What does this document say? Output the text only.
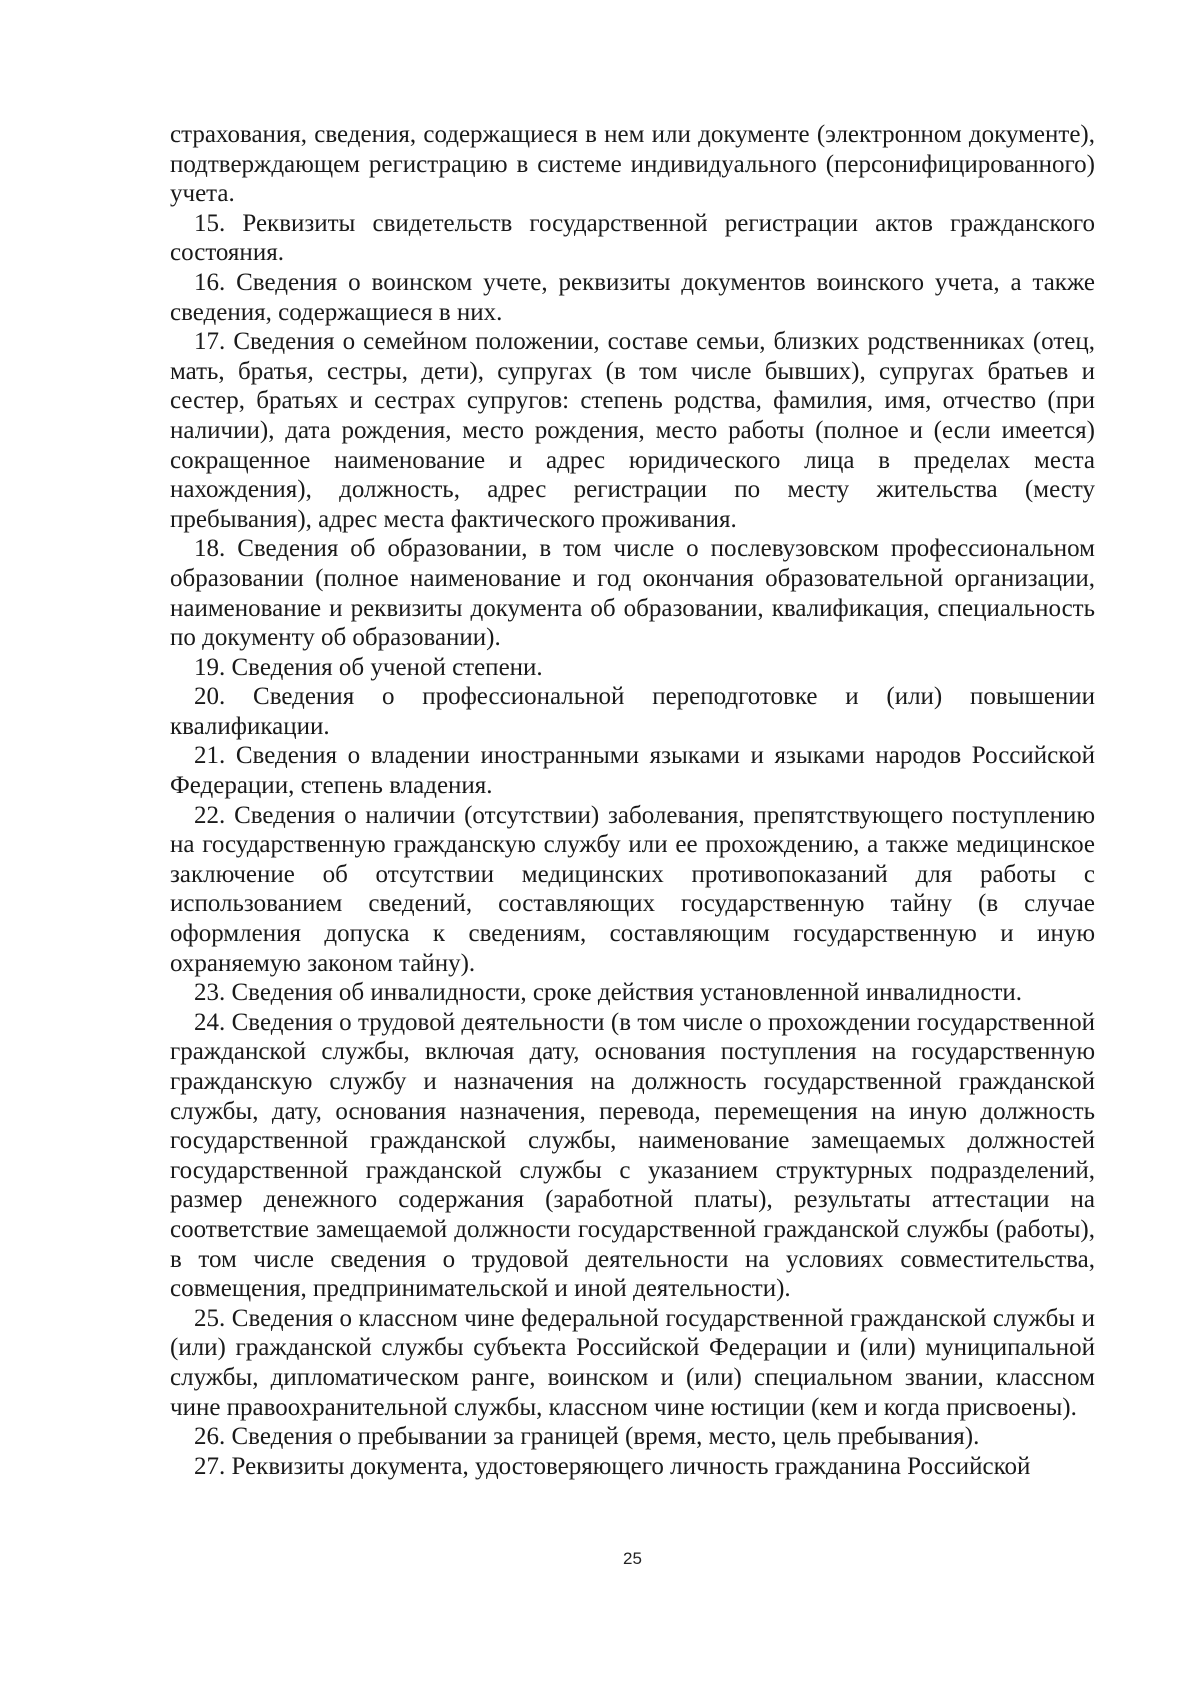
страхования, сведения, содержащиеся в нем или документе (электронном документе), подтверждающем регистрацию в системе индивидуального (персонифицированного) учета.

15. Реквизиты свидетельств государственной регистрации актов гражданского состояния.

16. Сведения о воинском учете, реквизиты документов воинского учета, а также сведения, содержащиеся в них.

17. Сведения о семейном положении, составе семьи, близких родственниках (отец, мать, братья, сестры, дети), супругах (в том числе бывших), супругах братьев и сестер, братьях и сестрах супругов: степень родства, фамилия, имя, отчество (при наличии), дата рождения, место рождения, место работы (полное и (если имеется) сокращенное наименование и адрес юридического лица в пределах места нахождения), должность, адрес регистрации по месту жительства (месту пребывания), адрес места фактического проживания.

18. Сведения об образовании, в том числе о послевузовском профессиональном образовании (полное наименование и год окончания образовательной организации, наименование и реквизиты документа об образовании, квалификация, специальность по документу об образовании).

19. Сведения об ученой степени.

20. Сведения о профессиональной переподготовке и (или) повышении квалификации.

21. Сведения о владении иностранными языками и языками народов Российской Федерации, степень владения.

22. Сведения о наличии (отсутствии) заболевания, препятствующего поступлению на государственную гражданскую службу или ее прохождению, а также медицинское заключение об отсутствии медицинских противопоказаний для работы с использованием сведений, составляющих государственную тайну (в случае оформления допуска к сведениям, составляющим государственную и иную охраняемую законом тайну).

23. Сведения об инвалидности, сроке действия установленной инвалидности.

24. Сведения о трудовой деятельности (в том числе о прохождении государственной гражданской службы, включая дату, основания поступления на государственную гражданскую службу и назначения на должность государственной гражданской службы, дату, основания назначения, перевода, перемещения на иную должность государственной гражданской службы, наименование замещаемых должностей государственной гражданской службы с указанием структурных подразделений, размер денежного содержания (заработной платы), результаты аттестации на соответствие замещаемой должности государственной гражданской службы (работы), в том числе сведения о трудовой деятельности на условиях совместительства, совмещения, предпринимательской и иной деятельности).

25. Сведения о классном чине федеральной государственной гражданской службы и (или) гражданской службы субъекта Российской Федерации и (или) муниципальной службы, дипломатическом ранге, воинском и (или) специальном звании, классном чине правоохранительной службы, классном чине юстиции (кем и когда присвоены).

26. Сведения о пребывании за границей (время, место, цель пребывания).

27. Реквизиты документа, удостоверяющего личность гражданина Российской

25
